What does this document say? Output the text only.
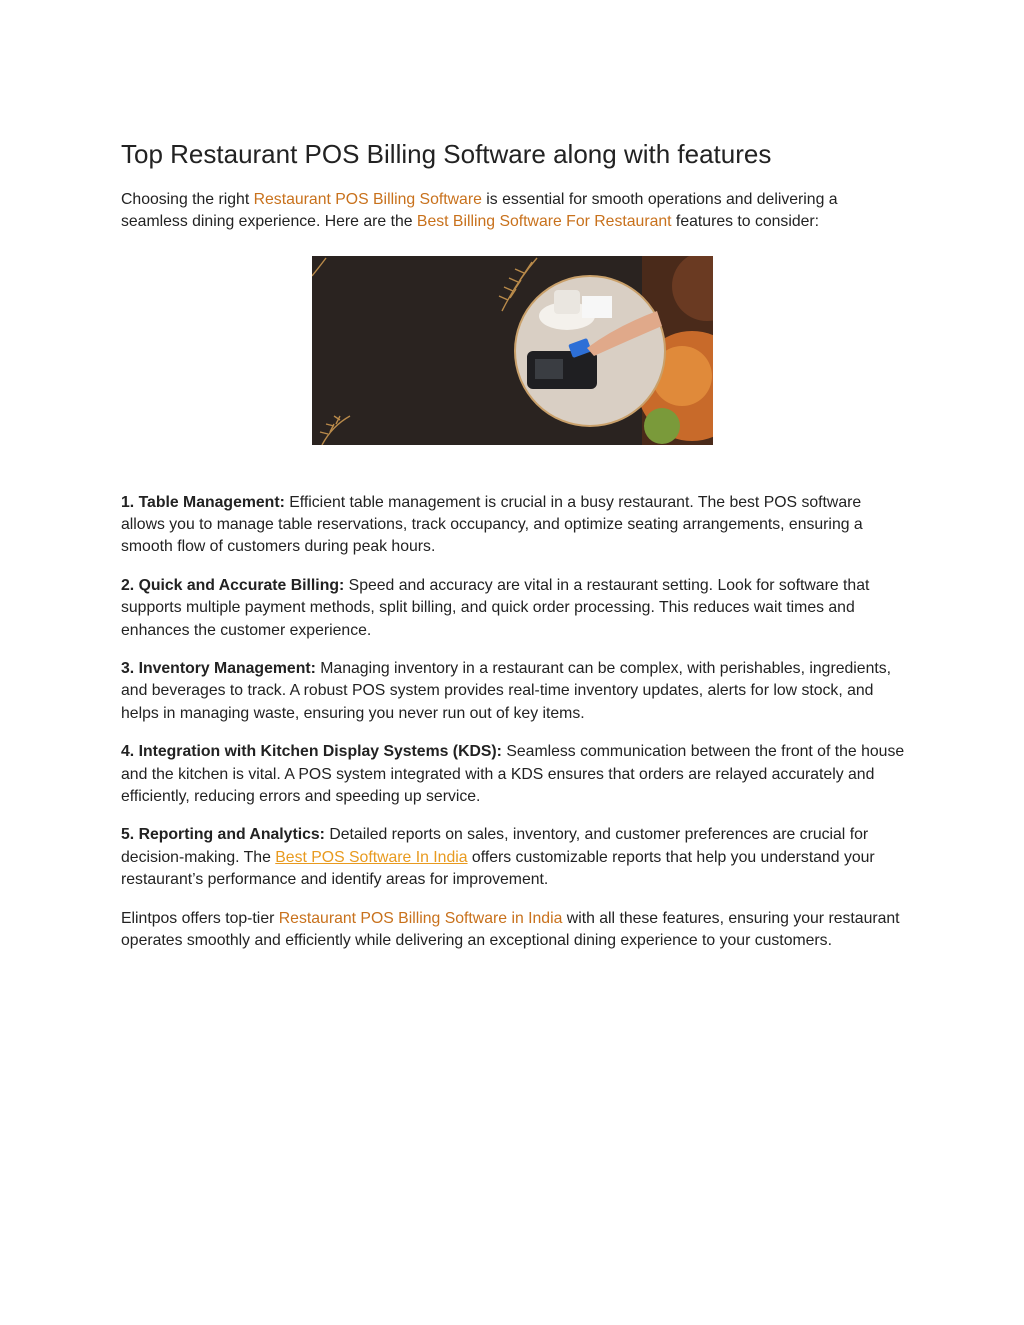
Top Restaurant POS Billing Software along with features

Choosing the right Restaurant POS Billing Software is essential for smooth operations and delivering a seamless dining experience. Here are the Best Billing Software For Restaurant features to consider:

1. Table Management: Efficient table management is crucial in a busy restaurant. The best POS software allows you to manage table reservations, track occupancy, and optimize seating arrangements, ensuring a smooth flow of customers during peak hours.

2. Quick and Accurate Billing: Speed and accuracy are vital in a restaurant setting. Look for software that supports multiple payment methods, split billing, and quick order processing. This reduces wait times and enhances the customer experience.

3. Inventory Management: Managing inventory in a restaurant can be complex, with perishables, ingredients, and beverages to track. A robust POS system provides real-time inventory updates, alerts for low stock, and helps in managing waste, ensuring you never run out of key items.

4. Integration with Kitchen Display Systems (KDS): Seamless communication between the front of the house and the kitchen is vital. A POS system integrated with a KDS ensures that orders are relayed accurately and efficiently, reducing errors and speeding up service.

5. Reporting and Analytics: Detailed reports on sales, inventory, and customer preferences are crucial for decision-making. The Best POS Software In India offers customizable reports that help you understand your restaurant’s performance and identify areas for improvement.

Elintpos offers top-tier Restaurant POS Billing Software in India with all these features, ensuring your restaurant operates smoothly and efficiently while delivering an exceptional dining experience to your customers.
